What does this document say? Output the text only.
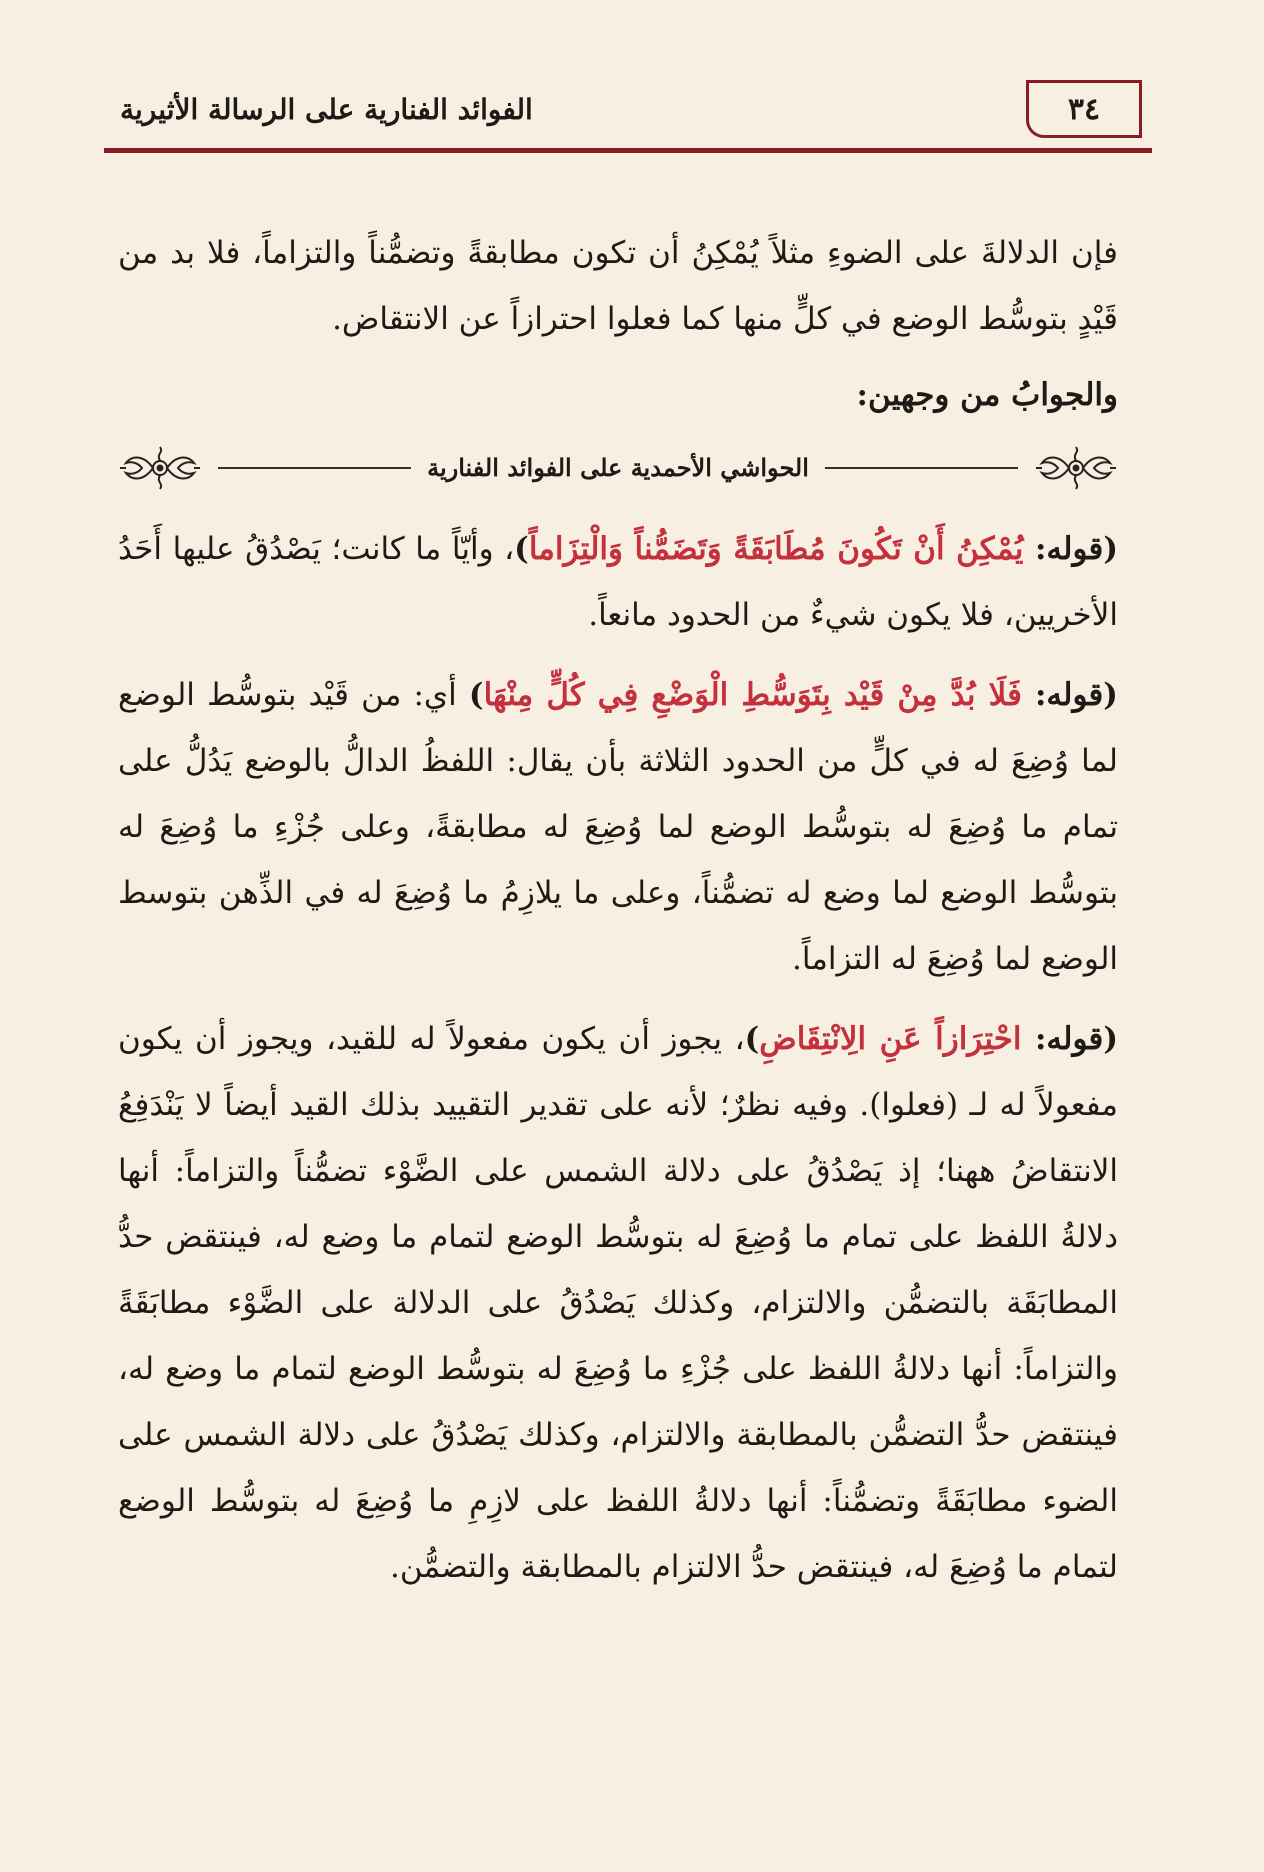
٣٤
الفوائد الفنارية على الرسالة الأثيرية

فإن الدلالةَ على الضوءِ مثلاً يُمْكِنُ أن تكون مطابقةً وتضمُّناً والتزاماً، فلا بد من قَيْدٍ بتوسُّط الوضع في كلٍّ منها كما فعلوا احترازاً عن الانتقاض.

والجوابُ من وجهين:

الحواشي الأحمدية على الفوائد الفنارية

(قوله: يُمْكِنُ أَنْ تَكُونَ مُطَابَقَةً وَتَضَمُّناً وَالْتِزَاماً)، وأيّاً ما كانت؛ يَصْدُقُ عليها أَحَدُ الأخريين، فلا يكون شيءٌ من الحدود مانعاً.

(قوله: فَلَا بُدَّ مِنْ قَيْد بِتَوَسُّطِ الْوَضْعِ فِي كُلٍّ مِنْهَا) أي: من قَيْد بتوسُّط الوضع لما وُضِعَ له في كلٍّ من الحدود الثلاثة بأن يقال: اللفظُ الدالُّ بالوضع يَدُلُّ على تمام ما وُضِعَ له بتوسُّط الوضع لما وُضِعَ له مطابقةً، وعلى جُزْءِ ما وُضِعَ له بتوسُّط الوضع لما وضع له تضمُّناً، وعلى ما يلازِمُ ما وُضِعَ له في الذِّهن بتوسط الوضع لما وُضِعَ له التزاماً.

(قوله: احْتِرَازاً عَنِ الِانْتِقَاضِ)، يجوز أن يكون مفعولاً له للقيد، ويجوز أن يكون مفعولاً له لـ (فعلوا). وفيه نظرٌ؛ لأنه على تقدير التقييد بذلك القيد أيضاً لا يَنْدَفِعُ الانتقاضُ ههنا؛ إذ يَصْدُقُ على دلالة الشمس على الضَّوْء تضمُّناً والتزاماً: أنها دلالةُ اللفظ على تمام ما وُضِعَ له بتوسُّط الوضع لتمام ما وضع له، فينتقض حدُّ المطابَقَة بالتضمُّن والالتزام، وكذلك يَصْدُقُ على الدلالة على الضَّوْء مطابَقَةً والتزاماً: أنها دلالةُ اللفظ على جُزْءِ ما وُضِعَ له بتوسُّط الوضع لتمام ما وضع له، فينتقض حدُّ التضمُّن بالمطابقة والالتزام، وكذلك يَصْدُقُ على دلالة الشمس على الضوء مطابَقَةً وتضمُّناً: أنها دلالةُ اللفظ على لازِمِ ما وُضِعَ له بتوسُّط الوضع لتمام ما وُضِعَ له، فينتقض حدُّ الالتزام بالمطابقة والتضمُّن.
